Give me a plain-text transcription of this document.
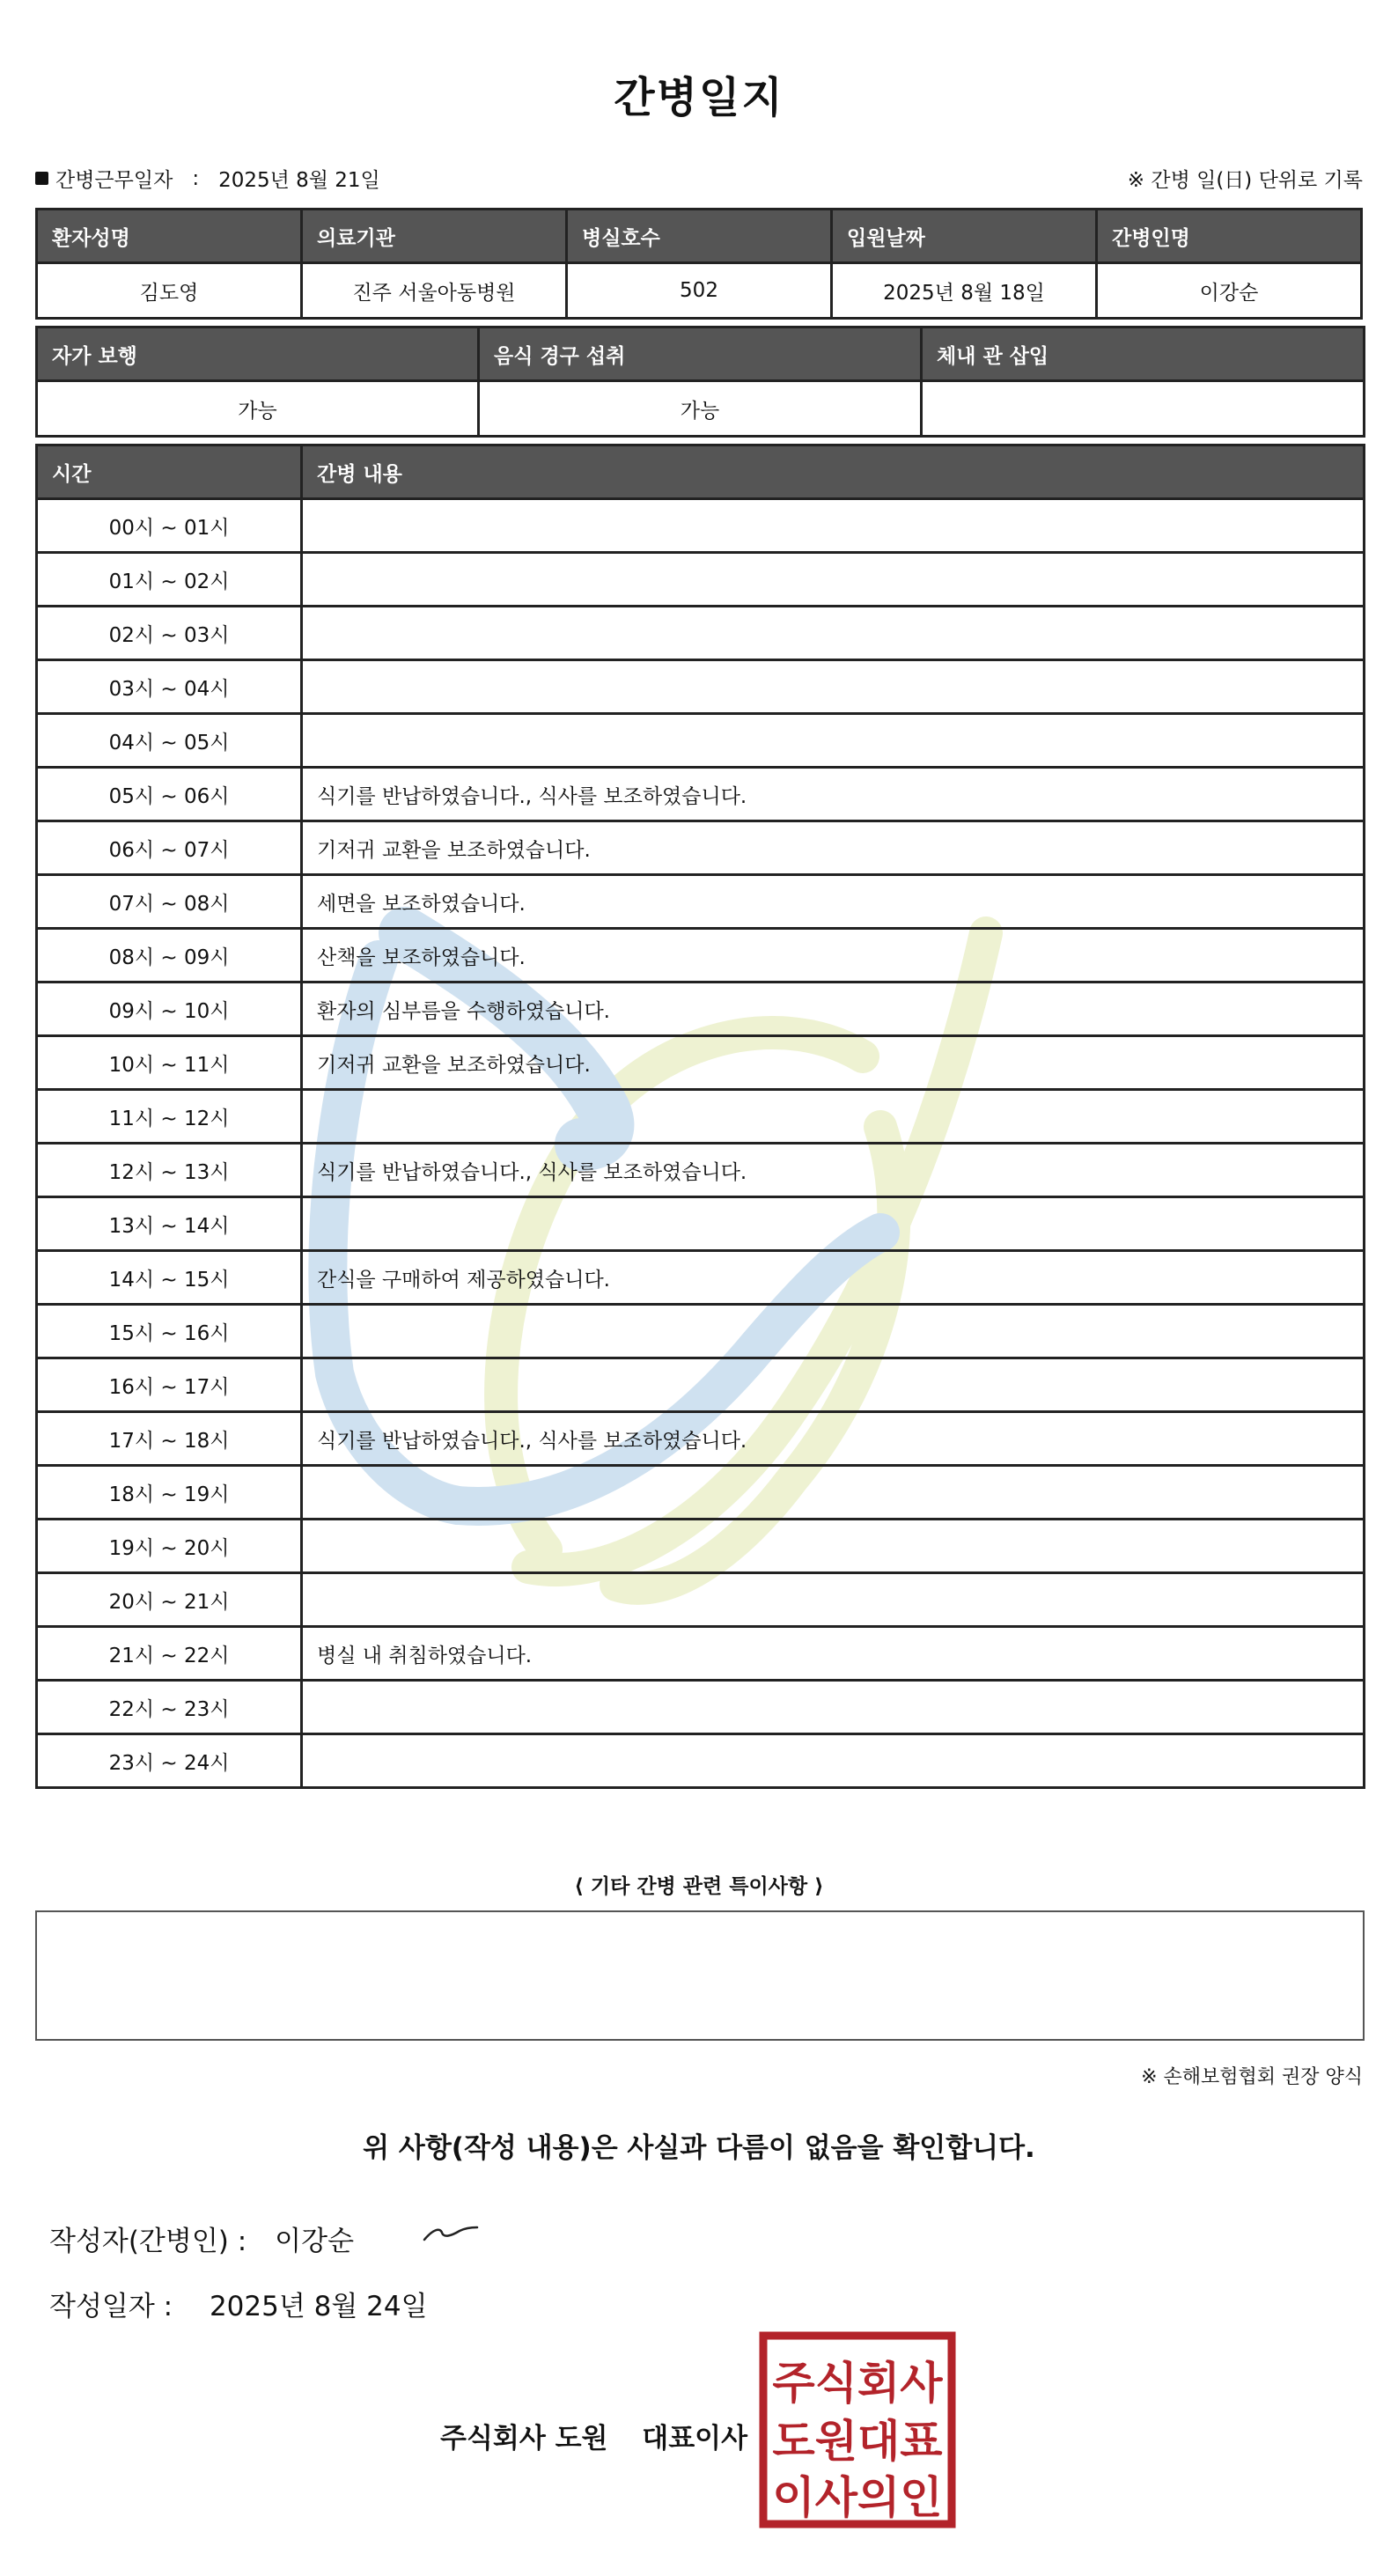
간병일지
간병근무일자 : 2025년 8월 21일	※ 간병 일(日) 단위로 기록
환자성명	의료기관	병실호수	입원날짜	간병인명
김도영	진주 서울아동병원	502	2025년 8월 18일	이강순
자가 보행	음식 경구 섭취	체내 관 삽입
가능	가능	
시간	간병 내용
00시 ~ 01시	
01시 ~ 02시	
02시 ~ 03시	
03시 ~ 04시	
04시 ~ 05시	
05시 ~ 06시	식기를 반납하였습니다., 식사를 보조하였습니다.
06시 ~ 07시	기저귀 교환을 보조하였습니다.
07시 ~ 08시	세면을 보조하였습니다.
08시 ~ 09시	산책을 보조하였습니다.
09시 ~ 10시	환자의 심부름을 수행하였습니다.
10시 ~ 11시	기저귀 교환을 보조하였습니다.
11시 ~ 12시	
12시 ~ 13시	식기를 반납하였습니다., 식사를 보조하였습니다.
13시 ~ 14시	
14시 ~ 15시	간식을 구매하여 제공하였습니다.
15시 ~ 16시	
16시 ~ 17시	
17시 ~ 18시	식기를 반납하였습니다., 식사를 보조하였습니다.
18시 ~ 19시	
19시 ~ 20시	
20시 ~ 21시	
21시 ~ 22시	병실 내 취침하였습니다.
22시 ~ 23시	
23시 ~ 24시	
⟨ 기타 간병 관련 특이사항 ⟩
※ 손해보험협회 권장 양식
위 사항(작성 내용)은 사실과 다름이 없음을 확인합니다.
작성자(간병인) : 이강순
작성일자 : 2025년 8월 24일
주식회사 도원 대표이사
주식회사
도원대표
이사의인
